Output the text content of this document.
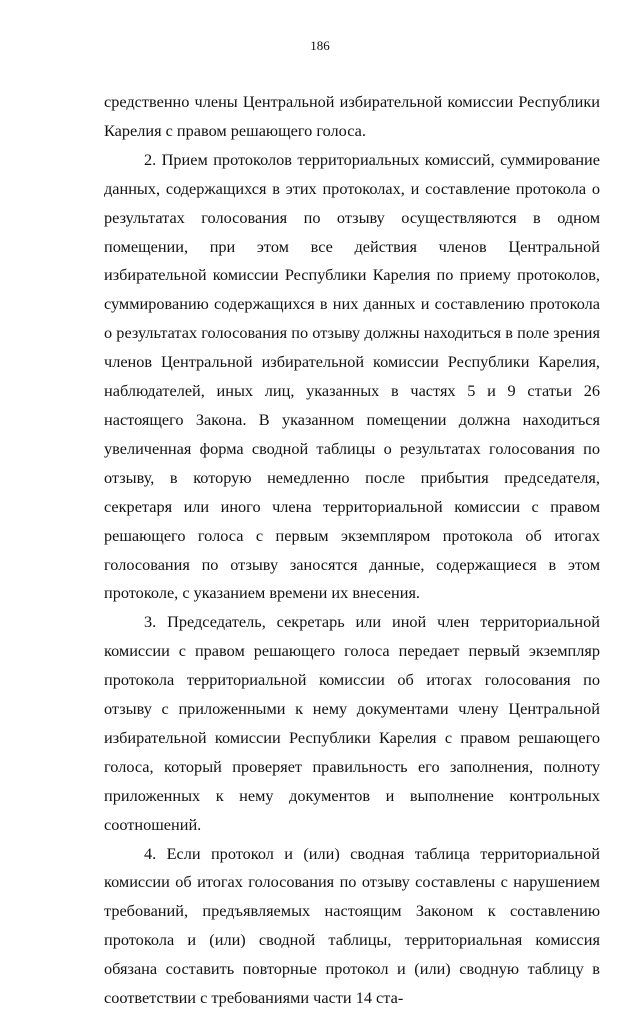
186

средственно члены Центральной избирательной комиссии Республики Карелия с правом решающего голоса.

2. Прием протоколов территориальных комиссий, суммирование данных, содержащихся в этих протоколах, и составление протокола о результатах голосования по отзыву осуществляются в одном помещении, при этом все действия членов Центральной избирательной комиссии Республики Карелия по приему протоколов, суммированию содержащихся в них данных и составлению протокола о результатах голосования по отзыву должны находиться в поле зрения членов Центральной избирательной комиссии Республики Карелия, наблюдателей, иных лиц, указанных в частях 5 и 9 статьи 26 настоящего Закона. В указанном помещении должна находиться увеличенная форма сводной таблицы о результатах голосования по отзыву, в которую немедленно после прибытия председателя, секретаря или иного члена территориальной комиссии с правом решающего голоса с первым экземпляром протокола об итогах голосования по отзыву заносятся данные, содержащиеся в этом протоколе, с указанием времени их внесения.

3. Председатель, секретарь или иной член территориальной комиссии с правом решающего голоса передает первый экземпляр протокола территориальной комиссии об итогах голосования по отзыву с приложенными к нему документами члену Центральной избирательной комиссии Республики Карелия с правом решающего голоса, который проверяет правильность его заполнения, полноту приложенных к нему документов и выполнение контрольных соотношений.

4. Если протокол и (или) сводная таблица территориальной комиссии об итогах голосования по отзыву составлены с нарушением требований, предъявляемых настоящим Законом к составлению протокола и (или) сводной таблицы, территориальная комиссия обязана составить повторные протокол и (или) сводную таблицу в соответствии с требованиями части 14 ста-
